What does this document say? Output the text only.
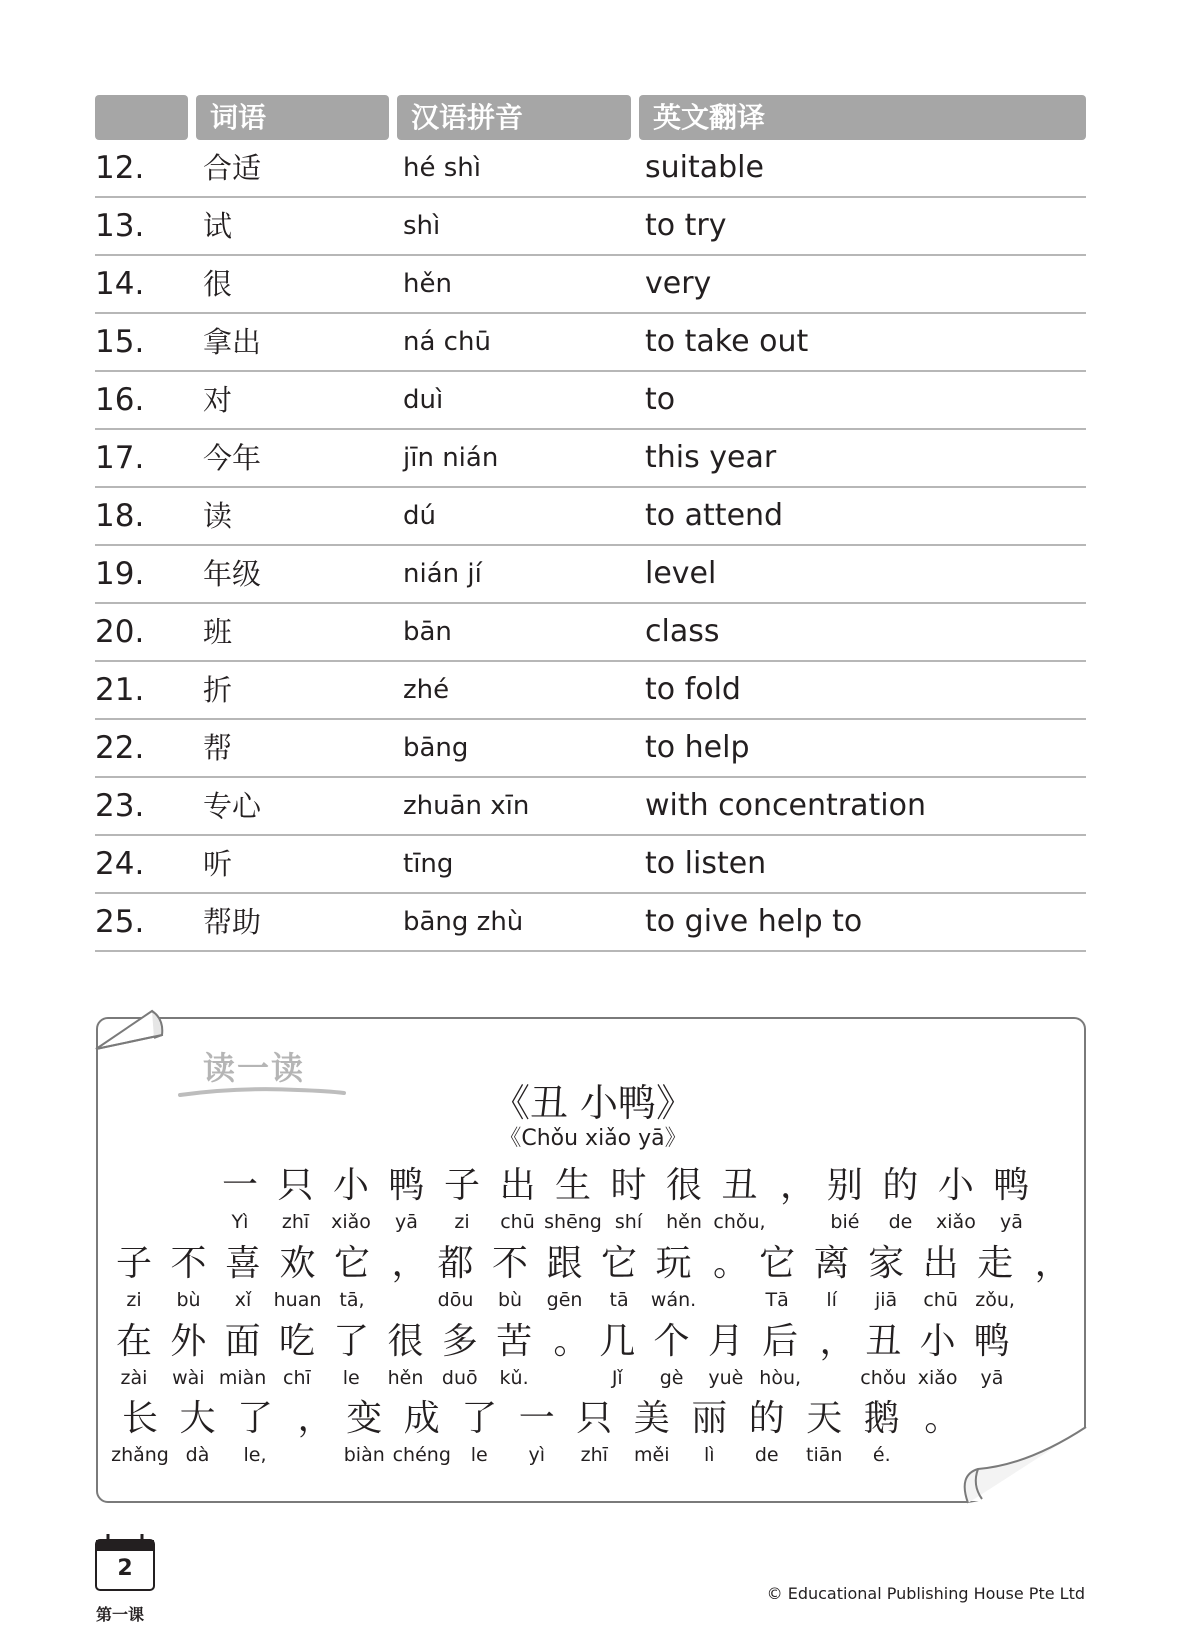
词语	汉语拼音	英文翻译
12. 合适	hé shì	suitable
13. 试	shì	to try
14. 很	hěn	very
15. 拿出	ná chū	to take out
16. 对	duì	to
17. 今年	jīn nián	this year
18. 读	dú	to attend
19. 年级	nián jí	level
20. 班	bān	class
21. 折	zhé	to fold
22. 帮	bāng	to help
23. 专心	zhuān xīn	with concentration
24. 听	tīng	to listen
25. 帮助	bāng zhù	to give help to
读一读
《丑 小鸭》
《Chǒu xiǎo yā》
一
Yì
只
zhī
小
xiǎo
鸭
yā
子
zi
出
chū
生
shēng
时
shí
很
hěn
丑
chǒu,
， 别
bié
的
de
小
xiǎo
鸭
yā
子
zi
不
bù
喜
xǐ
欢
huan
它
tā,
， 都
dōu
不
bù
跟
gēn
它
tā
玩
wán.
。 它
Tā
离
lí
家
jiā
出
chū
走
zǒu,
，
在
zài
外
wài
面
miàn
吃
chī
了
le
很
hěn
多
duō
苦
kǔ.
。 几
Jǐ
个
gè
月
yuè
后
hòu,
， 丑
chǒu
小
xiǎo
鸭
yā
长
zhǎng
大
dà
了
le,
， 变
biàn
成
chéng
了
le
一
yì
只
zhī
美
měi
丽
lì
的
de
天
tiān
鹅
é.
。
2
第一课
© Educational Publishing House Pte Ltd
